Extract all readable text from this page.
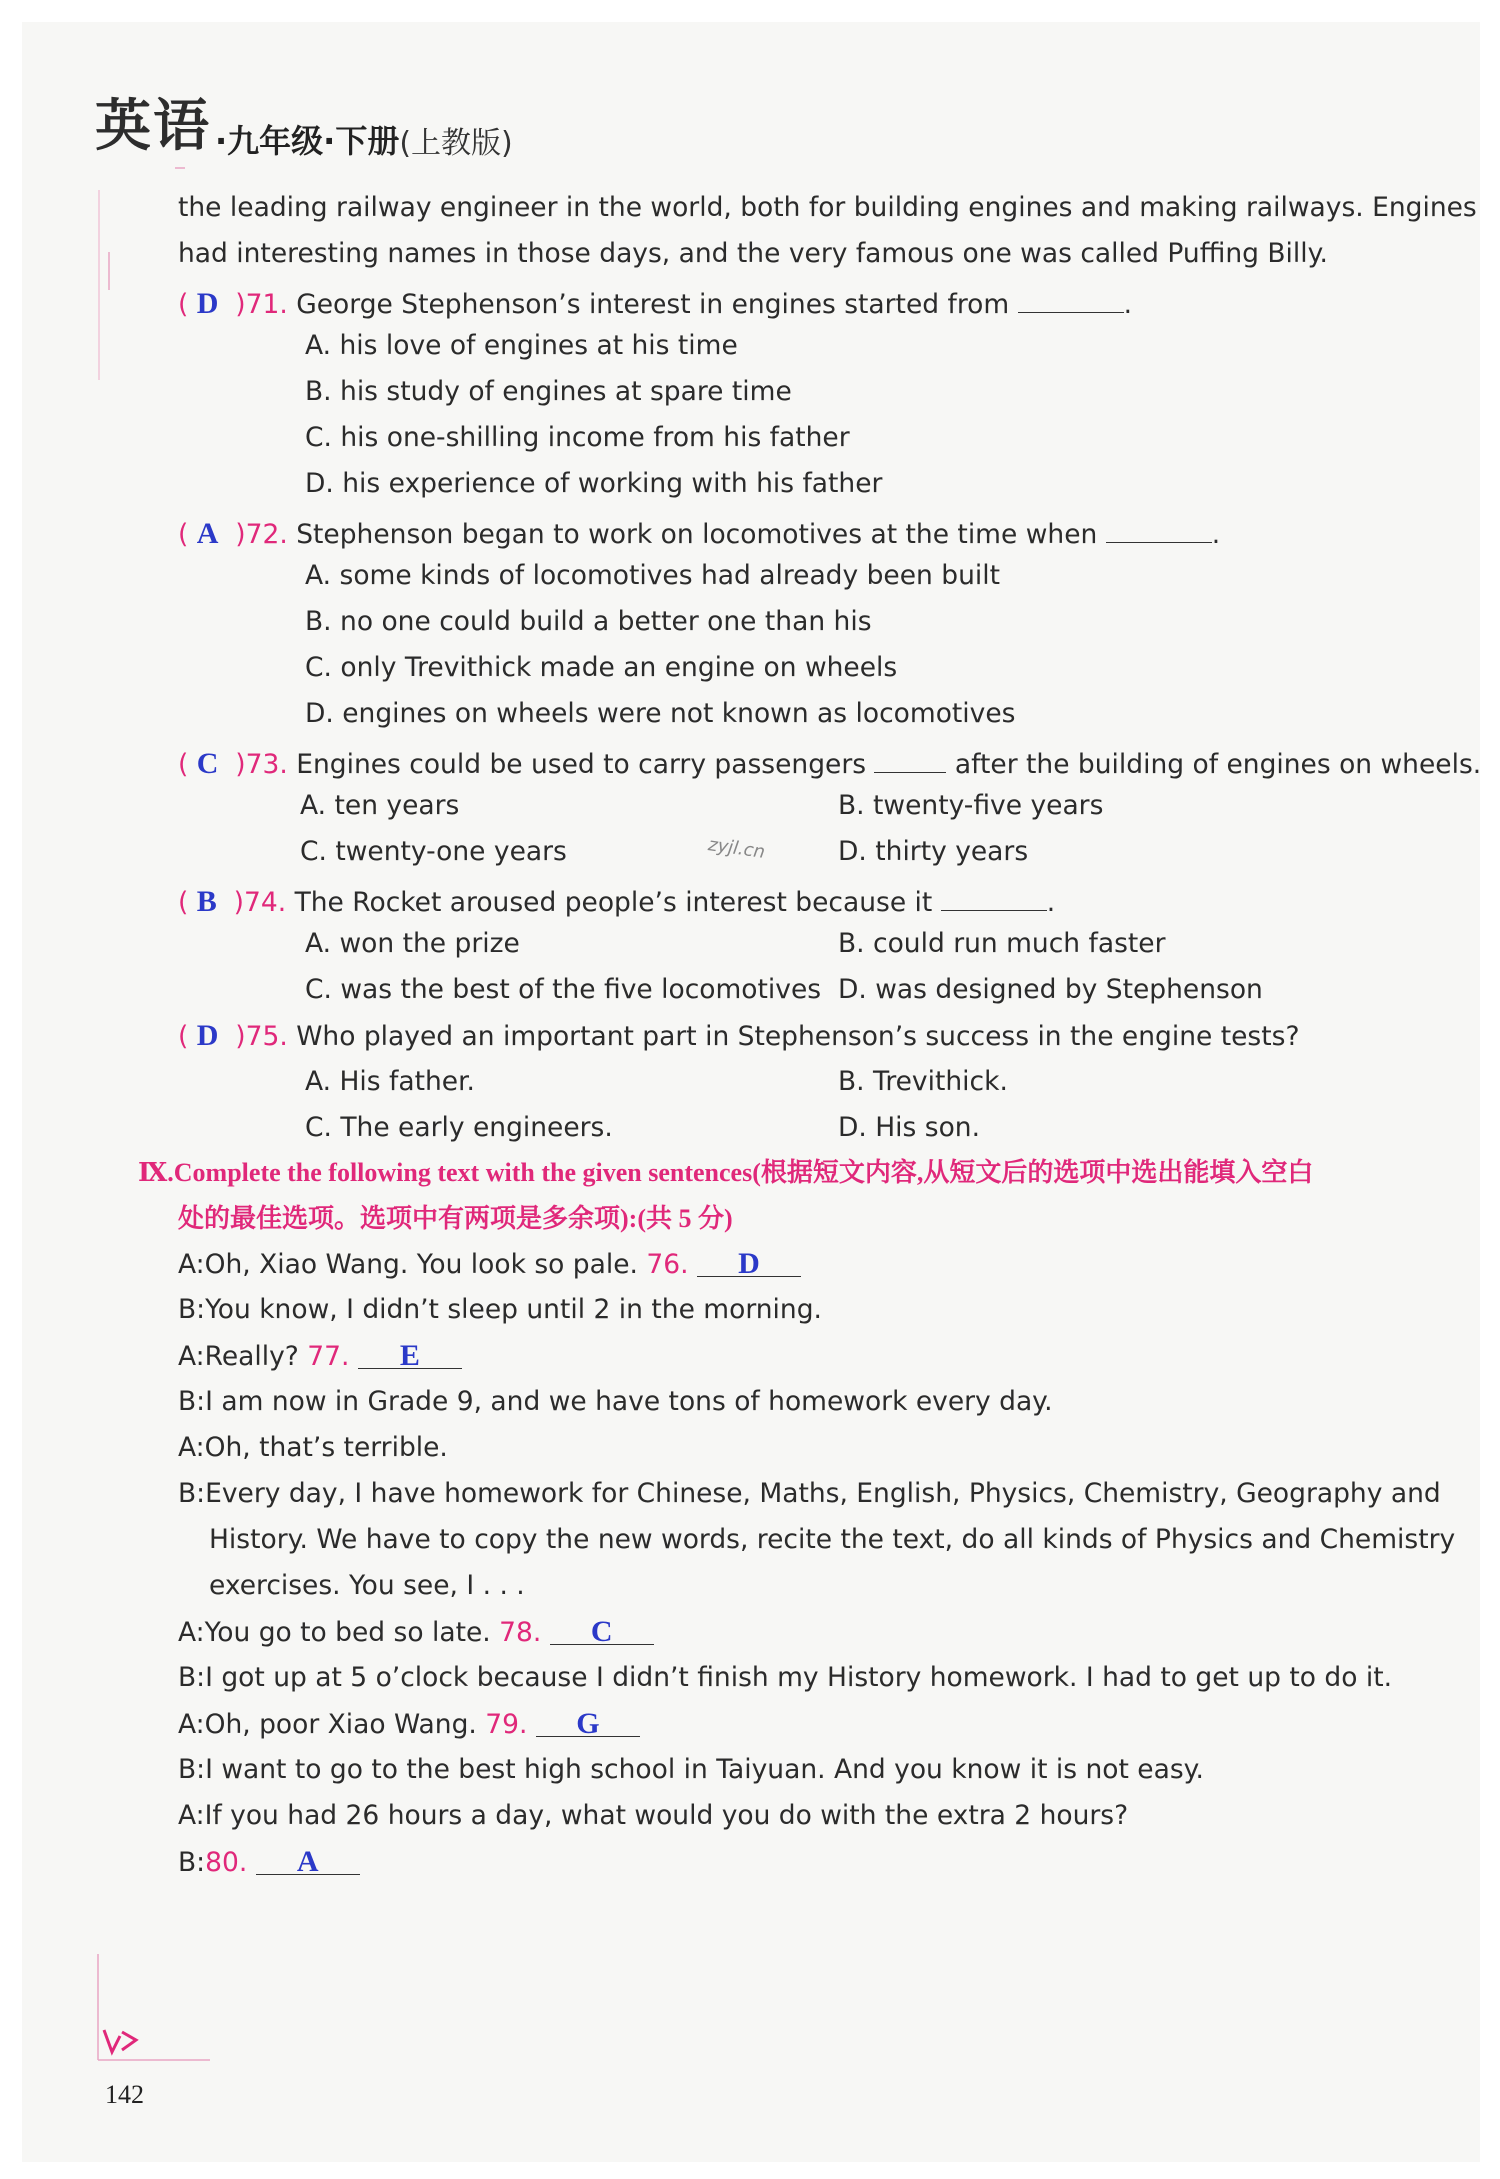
英语 ·九年级·下册 (上教版)
the leading railway engineer in the world, both for building engines and making railways. Engines
had interesting names in those days, and the very famous one was called Puffing Billy.
( D )71. George Stephenson’s interest in engines started from	.
A. his love of engines at his time
B. his study of engines at spare time
C. his one-shilling income from his father
D. his experience of working with his father
( A )72. Stephenson began to work on locomotives at the time when	.
A. some kinds of locomotives had already been built
B. no one could build a better one than his
C. only Trevithick made an engine on wheels
D. engines on wheels were not known as locomotives
( C )73. Engines could be used to carry passengers	after the building of engines on wheels.
A. ten years	B. twenty-five years
C. twenty-one years	D. thirty years
zyjl.cn
( B )74. The Rocket aroused people’s interest because it	.
A. won the prize	B. could run much faster
C. was the best of the five locomotives D. was designed by Stephenson
( D )75. Who played an important part in Stephenson’s success in the engine tests?
A. His father.	B. Trevithick.
C. The early engineers.	D. His son.
Ⅸ.Complete the following text with the given sentences(根据短文内容,从短文后的选项中选出能填入空白
处的最佳选项。选项中有两项是多余项):(共 5 分)
A:Oh, Xiao Wang. You look so pale. 76. D
B:You know, I didn’t sleep until 2 in the morning.
A:Really? 77. E
B:I am now in Grade 9, and we have tons of homework every day.
A:Oh, that’s terrible.
B:Every day, I have homework for Chinese, Maths, English, Physics, Chemistry, Geography and
History. We have to copy the new words, recite the text, do all kinds of Physics and Chemistry
exercises. You see, I . . .
A:You go to bed so late. 78. C
B:I got up at 5 o’clock because I didn’t finish my History homework. I had to get up to do it.
A:Oh, poor Xiao Wang. 79. G
B:I want to go to the best high school in Taiyuan. And you know it is not easy.
A:If you had 26 hours a day, what would you do with the extra 2 hours?
B:80. A
142
